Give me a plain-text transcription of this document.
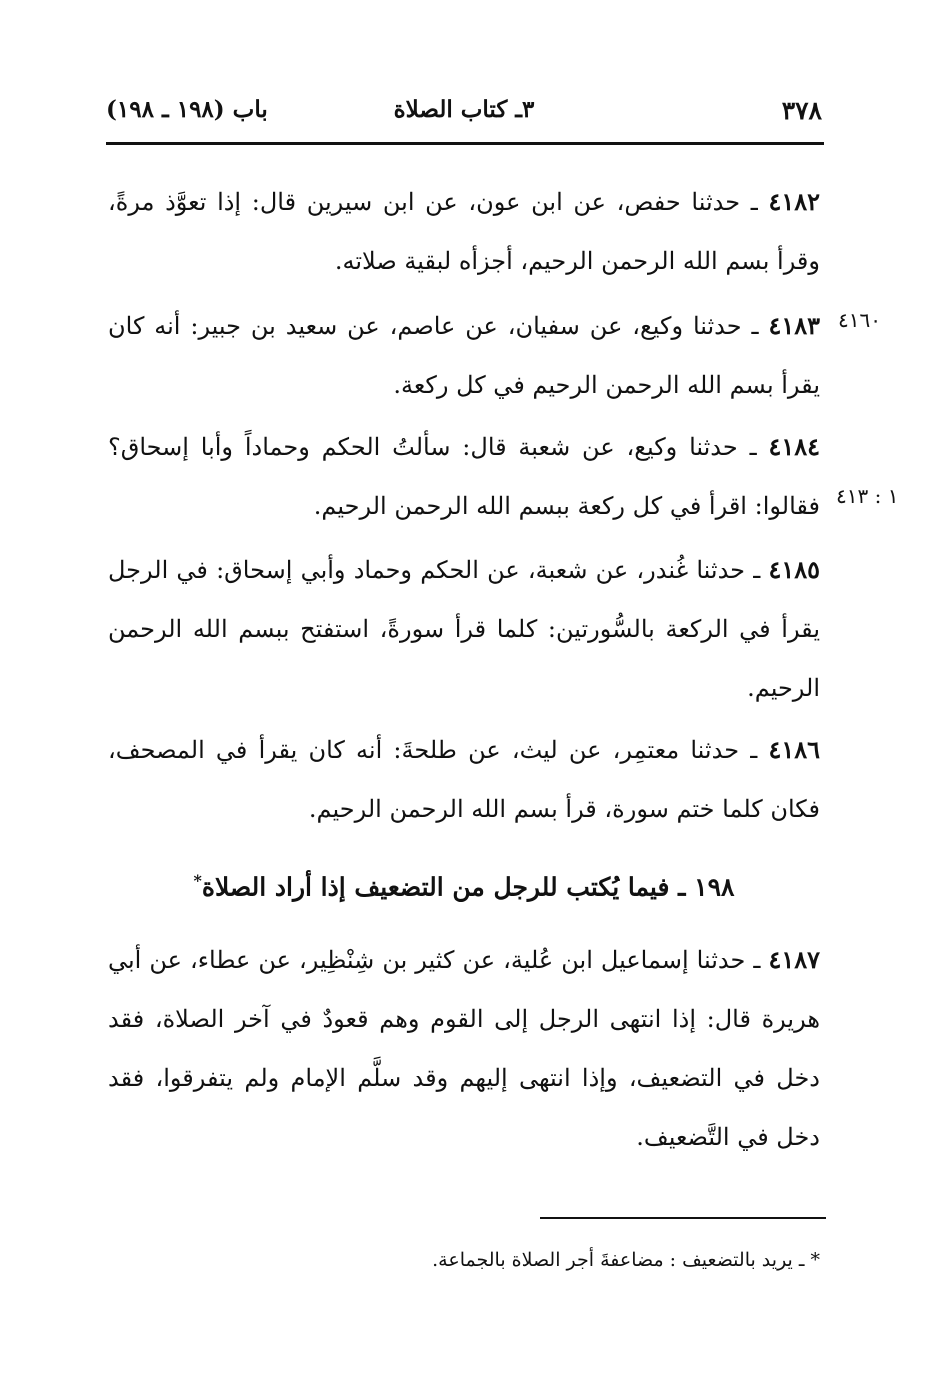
٣٧٨
٣ـ كتاب الصلاة
باب (١٩٨ ـ ١٩٨)
٤١٨٢ ـ حدثنا حفص، عن ابن عون، عن ابن سيرين قال: إذا تعوَّذ مرةً، وقرأ بسم الله الرحمن الرحيم، أجزأه لبقية صلاته.
٤١٨٣ ـ حدثنا وكيع، عن سفيان، عن عاصم، عن سعيد بن جبير: أنه كان يقرأ بسم الله الرحمن الرحيم في كل ركعة.
٤١٦٠
٤١٨٤ ـ حدثنا وكيع، عن شعبة قال: سألتُ الحكم وحماداً وأبا إسحاق؟ فقالوا: اقرأ في كل ركعة ببسم الله الرحمن الرحيم. ١ : ٤١٣
٤١٨٥ ـ حدثنا غُندر، عن شعبة، عن الحكم وحماد وأبي إسحاق: في الرجل يقرأ في الركعة بالسُّورتين: كلما قرأ سورةً، استفتح ببسم الله الرحمن الرحيم.
٤١٨٦ ـ حدثنا معتمِر، عن ليث، عن طلحةَ: أنه كان يقرأ في المصحف، فكان كلما ختم سورة، قرأ بسم الله الرحمن الرحيم.
١٩٨ ـ فيما يُكتب للرجل من التضعيف إذا أراد الصلاة*
٤١٨٧ ـ حدثنا إسماعيل ابن عُلية، عن كثير بن شِنْظِير، عن عطاء، عن أبي هريرة قال: إذا انتهى الرجل إلى القوم وهم قعودٌ في آخر الصلاة، فقد دخل في التضعيف، وإذا انتهى إليهم وقد سلَّم الإمام ولم يتفرقوا، فقد دخل في التَّضعيف.
* ـ يريد بالتضعيف : مضاعفةَ أجر الصلاة بالجماعة.
